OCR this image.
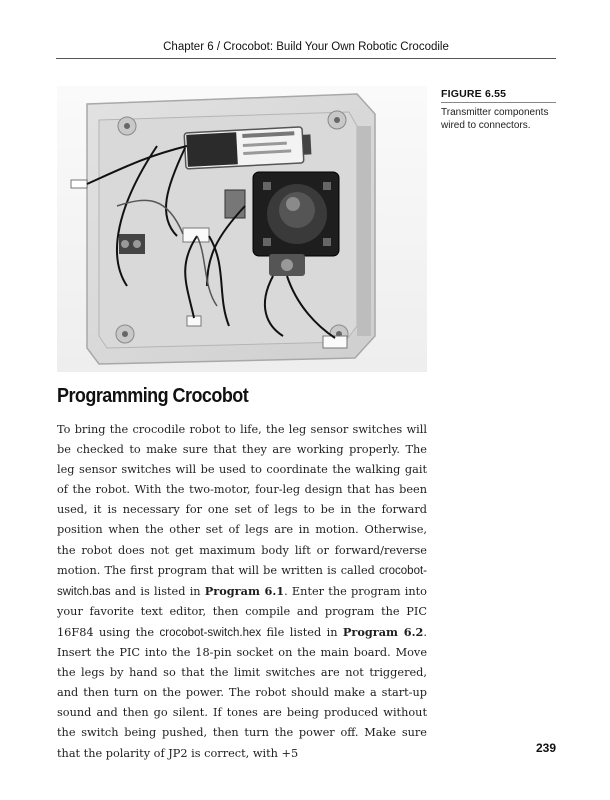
Chapter 6 / Crocobot: Build Your Own Robotic Crocodile
FIGURE 6.55
Transmitter components wired to connectors.
Programming Crocobot

To bring the crocodile robot to life, the leg sensor switches will be checked to make sure that they are working properly. The leg sensor switches will be used to coordinate the walking gait of the robot. With the two-motor, four-leg design that has been used, it is necessary for one set of legs to be in the forward position when the other set of legs are in motion. Otherwise, the robot does not get maximum body lift or forward/reverse motion. The first program that will be written is called crocobot-switch.bas and is listed in Program 6.1. Enter the program into your favorite text editor, then compile and program the PIC 16F84 using the crocobot-switch.hex file listed in Program 6.2. Insert the PIC into the 18-pin socket on the main board. Move the legs by hand so that the limit switches are not triggered, and then turn on the power. The robot should make a start-up sound and then go silent. If tones are being produced without the switch being pushed, then turn the power off. Make sure that the polarity of JP2 is correct, with +5	239
